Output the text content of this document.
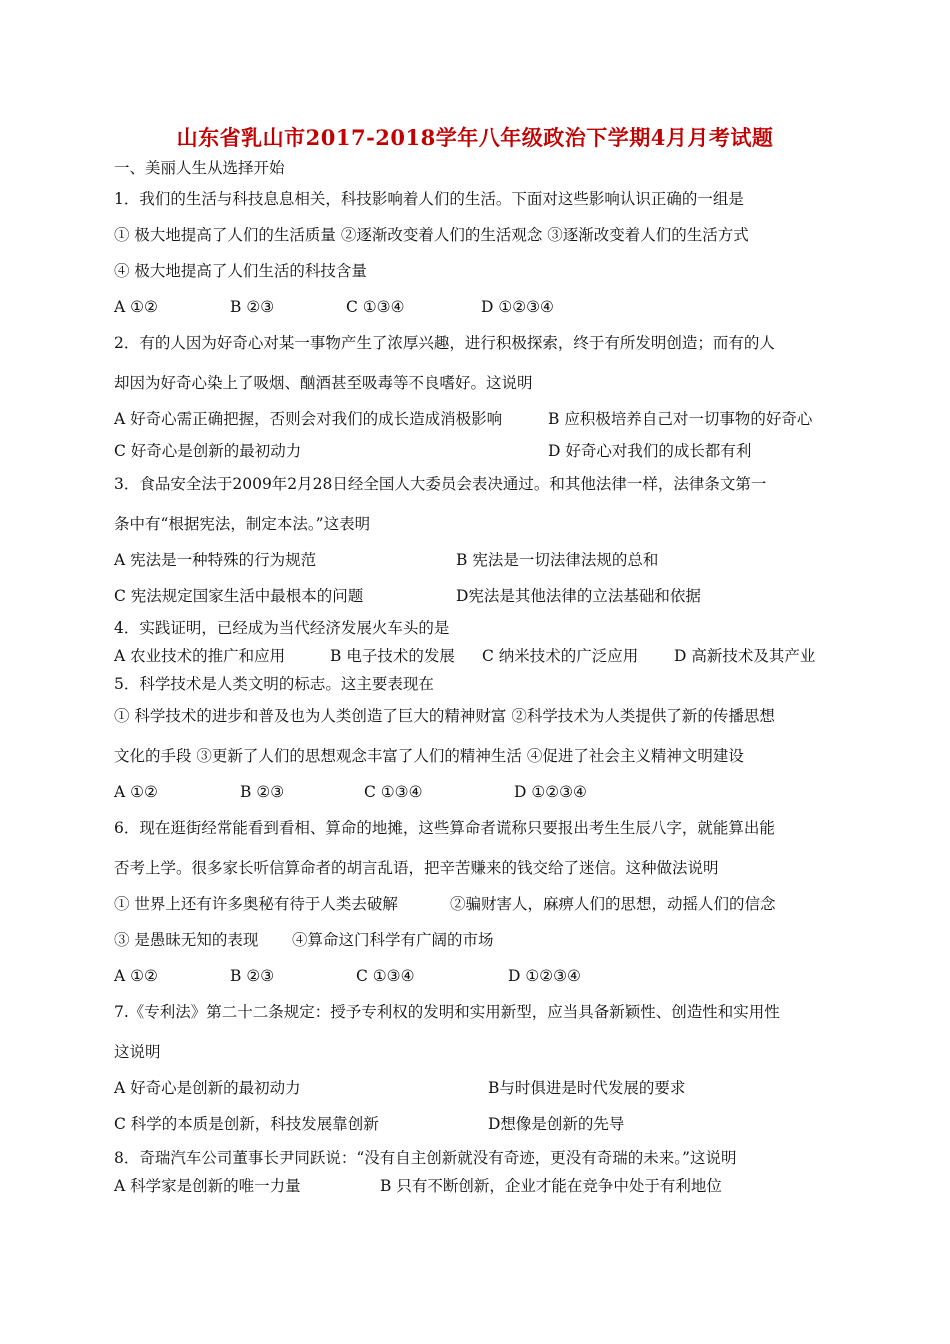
山东省乳山市2017-2018学年八年级政治下学期4月月考试题
一、美丽人生从选择开始
1．我们的生活与科技息息相关，科技影响着人们的生活。下面对这些影响认识正确的一组是
① 极大地提高了人们的生活质量 ②逐渐改变着人们的生活观念 ③逐渐改变着人们的生活方式
④ 极大地提高了人们生活的科技含量
A ①②	B ②③	C ①③④	D ①②③④
2．有的人因为好奇心对某一事物产生了浓厚兴趣，进行积极探索，终于有所发明创造；而有的人
却因为好奇心染上了吸烟、酗酒甚至吸毒等不良嗜好。这说明
A 好奇心需正确把握，否则会对我们的成长造成消极影响	B 应积极培养自己对一切事物的好奇心
C 好奇心是创新的最初动力	D 好奇心对我们的成长都有利
3．食品安全法于2009年2月28日经全国人大委员会表决通过。和其他法律一样，法律条文第一
条中有“根据宪法，制定本法。”这表明
A 宪法是一种特殊的行为规范	B 宪法是一切法律法规的总和
C 宪法规定国家生活中最根本的问题	D宪法是其他法律的立法基础和依据
4．实践证明，已经成为当代经济发展火车头的是
A 农业技术的推广和应用	B 电子技术的发展 C 纳米技术的广泛应用 D 高新技术及其产业
5．科学技术是人类文明的标志。这主要表现在
① 科学技术的进步和普及也为人类创造了巨大的精神财富 ②科学技术为人类提供了新的传播思想
文化的手段 ③更新了人们的思想观念丰富了人们的精神生活 ④促进了社会主义精神文明建设
A ①②	B ②③	C ①③④	D ①②③④
6．现在逛街经常能看到看相、算命的地摊，这些算命者谎称只要报出考生生辰八字，就能算出能
否考上学。很多家长听信算命者的胡言乱语，把辛苦赚来的钱交给了迷信。这种做法说明
① 世界上还有许多奥秘有待于人类去破解	②骗财害人，麻痹人们的思想，动摇人们的信念
③ 是愚昧无知的表现 ④算命这门科学有广阔的市场
A ①②	B ②③	C ①③④	D ①②③④
7.《专利法》第二十二条规定：授予专利权的发明和实用新型，应当具备新颖性、创造性和实用性
这说明
A 好奇心是创新的最初动力	B与时俱进是时代发展的要求
C 科学的本质是创新，科技发展靠创新	D想像是创新的先导
8．奇瑞汽车公司董事长尹同跃说：“没有自主创新就没有奇迹，更没有奇瑞的未来。”这说明
A 科学家是创新的唯一力量	B 只有不断创新，企业才能在竞争中处于有利地位
